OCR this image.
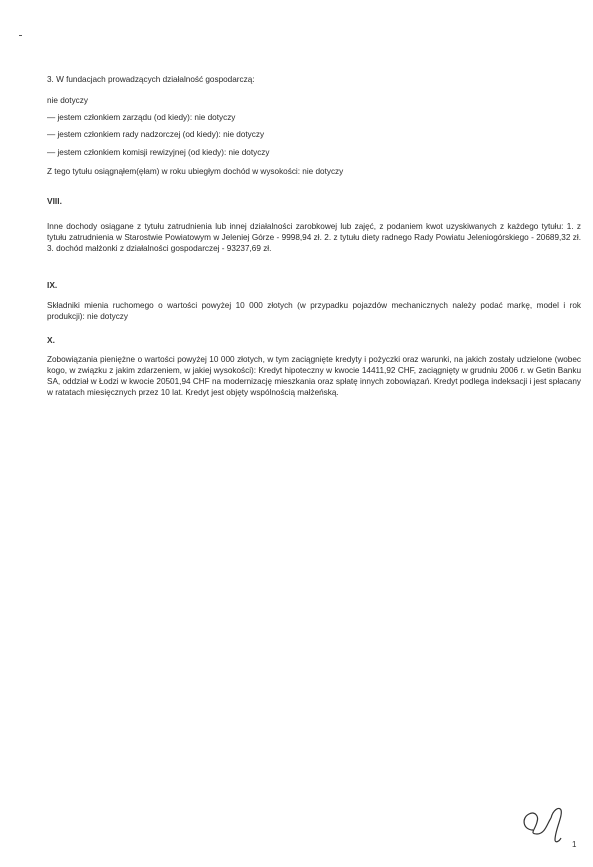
3. W fundacjach prowadzących działalność gospodarczą:
nie dotyczy
— jestem członkiem zarządu (od kiedy): nie dotyczy
— jestem członkiem rady nadzorczej (od kiedy): nie dotyczy
— jestem członkiem komisji rewizyjnej (od kiedy): nie dotyczy
Z tego tytułu osiągnąłem(ęłam) w roku ubiegłym dochód w wysokości: nie dotyczy
VIII.
Inne dochody osiągane z tytułu zatrudnienia lub innej działalności zarobkowej lub zajęć, z podaniem kwot uzyskiwanych z każdego tytułu: 1. z tytułu zatrudnienia w Starostwie Powiatowym w Jeleniej Górze - 9998,94 zł. 2. z tytułu diety radnego Rady Powiatu Jeleniogórskiego - 20689,32 zł. 3. dochód małżonki z działalności gospodarczej - 93237,69 zł.
IX.
Składniki mienia ruchomego o wartości powyżej 10 000 złotych (w przypadku pojazdów mechanicznych należy podać markę, model i rok produkcji): nie dotyczy
X.
Zobowiązania pieniężne o wartości powyżej 10 000 złotych, w tym zaciągnięte kredyty i pożyczki oraz warunki, na jakich zostały udzielone (wobec kogo, w związku z jakim zdarzeniem, w jakiej wysokości): Kredyt hipoteczny w kwocie 14411,92 CHF, zaciągnięty w grudniu 2006 r. w Getin Banku SA, oddział w Łodzi w kwocie 20501,94 CHF na modernizację mieszkania oraz spłatę innych zobowiązań. Kredyt podlega indeksacji i jest spłacany w ratatach miesięcznych przez 10 lat. Kredyt jest objęty wspólnością małżeńską.
1
